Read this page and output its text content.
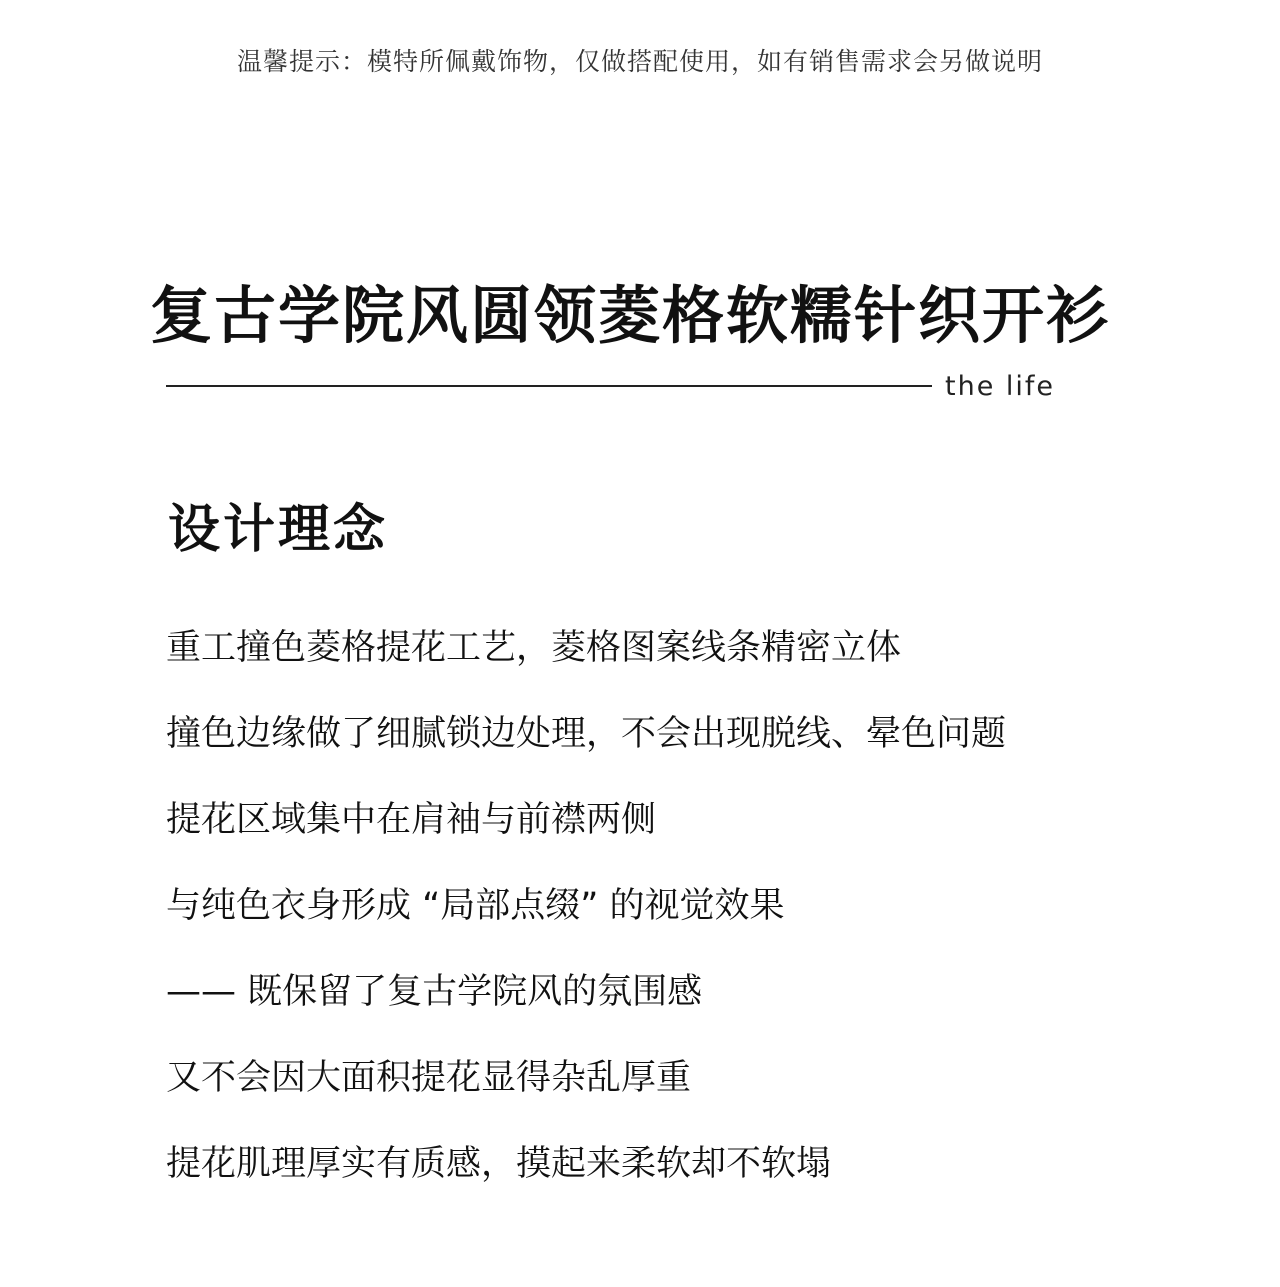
温馨提示：模特所佩戴饰物，仅做搭配使用，如有销售需求会另做说明
复古学院风圆领菱格软糯针织开衫
the life
设计理念
重工撞色菱格提花工艺，菱格图案线条精密立体
撞色边缘做了细腻锁边处理，不会出现脱线、晕色问题
提花区域集中在肩袖与前襟两侧
与纯色衣身形成 “局部点缀” 的视觉效果
—— 既保留了复古学院风的氛围感
又不会因大面积提花显得杂乱厚重
提花肌理厚实有质感，摸起来柔软却不软塌
